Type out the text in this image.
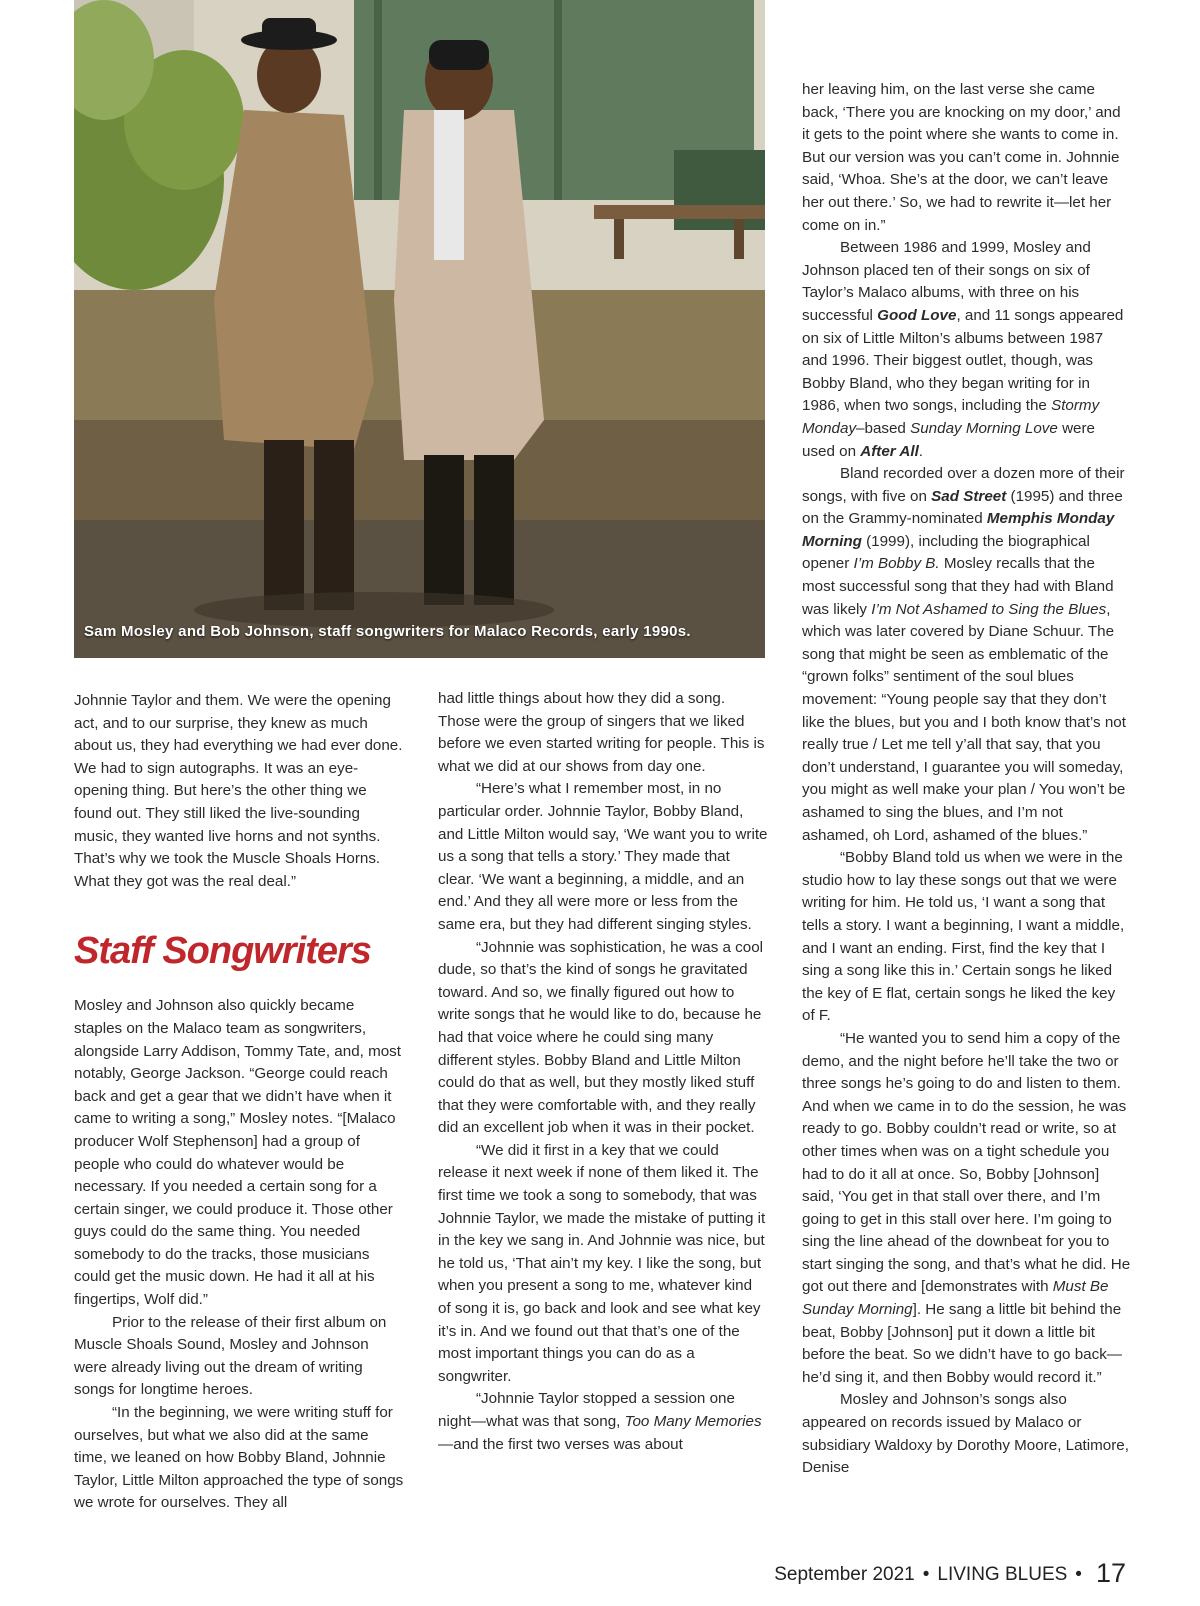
Sam Mosley and Bob Johnson, staff songwriters for Malaco Records, early 1990s.

Johnnie Taylor and them. We were the opening act, and to our surprise, they knew as much about us, they had everything we had ever done. We had to sign autographs. It was an eye-opening thing. But here’s the other thing we found out. They still liked the live-sounding music, they wanted live horns and not synths. That’s why we took the Muscle Shoals Horns. What they got was the real deal.”

Staff Songwriters

Mosley and Johnson also quickly became staples on the Malaco team as songwriters, alongside Larry Addison, Tommy Tate, and, most notably, George Jackson. “George could reach back and get a gear that we didn’t have when it came to writing a song,” Mosley notes. “[Malaco producer Wolf Stephenson] had a group of people who could do whatever would be necessary. If you needed a certain song for a certain singer, we could produce it. Those other guys could do the same thing. You needed somebody to do the tracks, those musicians could get the music down. He had it all at his fingertips, Wolf did.”

Prior to the release of their first album on Muscle Shoals Sound, Mosley and Johnson were already living out the dream of writing songs for longtime heroes.

“In the beginning, we were writing stuff for ourselves, but what we also did at the same time, we leaned on how Bobby Bland, Johnnie Taylor, Little Milton approached the type of songs we wrote for ourselves. They all

had little things about how they did a song. Those were the group of singers that we liked before we even started writing for people. This is what we did at our shows from day one.

“Here’s what I remember most, in no particular order. Johnnie Taylor, Bobby Bland, and Little Milton would say, ‘We want you to write us a song that tells a story.’ They made that clear. ‘We want a beginning, a middle, and an end.’ And they all were more or less from the same era, but they had different singing styles.

“Johnnie was sophistication, he was a cool dude, so that’s the kind of songs he gravitated toward. And so, we finally figured out how to write songs that he would like to do, because he had that voice where he could sing many different styles. Bobby Bland and Little Milton could do that as well, but they mostly liked stuff that they were comfortable with, and they really did an excellent job when it was in their pocket.

“We did it first in a key that we could release it next week if none of them liked it. The first time we took a song to somebody, that was Johnnie Taylor, we made the mistake of putting it in the key we sang in. And Johnnie was nice, but he told us, ‘That ain’t my key. I like the song, but when you present a song to me, whatever kind of song it is, go back and look and see what key it’s in. And we found out that that’s one of the most important things you can do as a songwriter.

“Johnnie Taylor stopped a session one night—what was that song, Too Many Memories—and the first two verses was about

her leaving him, on the last verse she came back, ‘There you are knocking on my door,’ and it gets to the point where she wants to come in. But our version was you can’t come in. Johnnie said, ‘Whoa. She’s at the door, we can’t leave her out there.’ So, we had to rewrite it—let her come on in.”

Between 1986 and 1999, Mosley and Johnson placed ten of their songs on six of Taylor’s Malaco albums, with three on his successful Good Love, and 11 songs appeared on six of Little Milton’s albums between 1987 and 1996. Their biggest outlet, though, was Bobby Bland, who they began writing for in 1986, when two songs, including the Stormy Monday–based Sunday Morning Love were used on After All.

Bland recorded over a dozen more of their songs, with five on Sad Street (1995) and three on the Grammy-nominated Memphis Monday Morning (1999), including the biographical opener I’m Bobby B. Mosley recalls that the most successful song that they had with Bland was likely I’m Not Ashamed to Sing the Blues, which was later covered by Diane Schuur. The song that might be seen as emblematic of the “grown folks” sentiment of the soul blues movement: “Young people say that they don’t like the blues, but you and I both know that’s not really true / Let me tell y’all that say, that you don’t understand, I guarantee you will someday, you might as well make your plan / You won’t be ashamed to sing the blues, and I’m not ashamed, oh Lord, ashamed of the blues.”

“Bobby Bland told us when we were in the studio how to lay these songs out that we were writing for him. He told us, ‘I want a song that tells a story. I want a beginning, I want a middle, and I want an ending. First, find the key that I sing a song like this in.’ Certain songs he liked the key of E flat, certain songs he liked the key of F.

“He wanted you to send him a copy of the demo, and the night before he’ll take the two or three songs he’s going to do and listen to them. And when we came in to do the session, he was ready to go. Bobby couldn’t read or write, so at other times when was on a tight schedule you had to do it all at once. So, Bobby [Johnson] said, ‘You get in that stall over there, and I’m going to get in this stall over here. I’m going to sing the line ahead of the downbeat for you to start singing the song, and that’s what he did. He got out there and [demonstrates with Must Be Sunday Morning]. He sang a little bit behind the beat, Bobby [Johnson] put it down a little bit before the beat. So we didn’t have to go back—he’d sing it, and then Bobby would record it.”

Mosley and Johnson’s songs also appeared on records issued by Malaco or subsidiary Waldoxy by Dorothy Moore, Latimore, Denise

September 2021 • LIVING BLUES • 17
